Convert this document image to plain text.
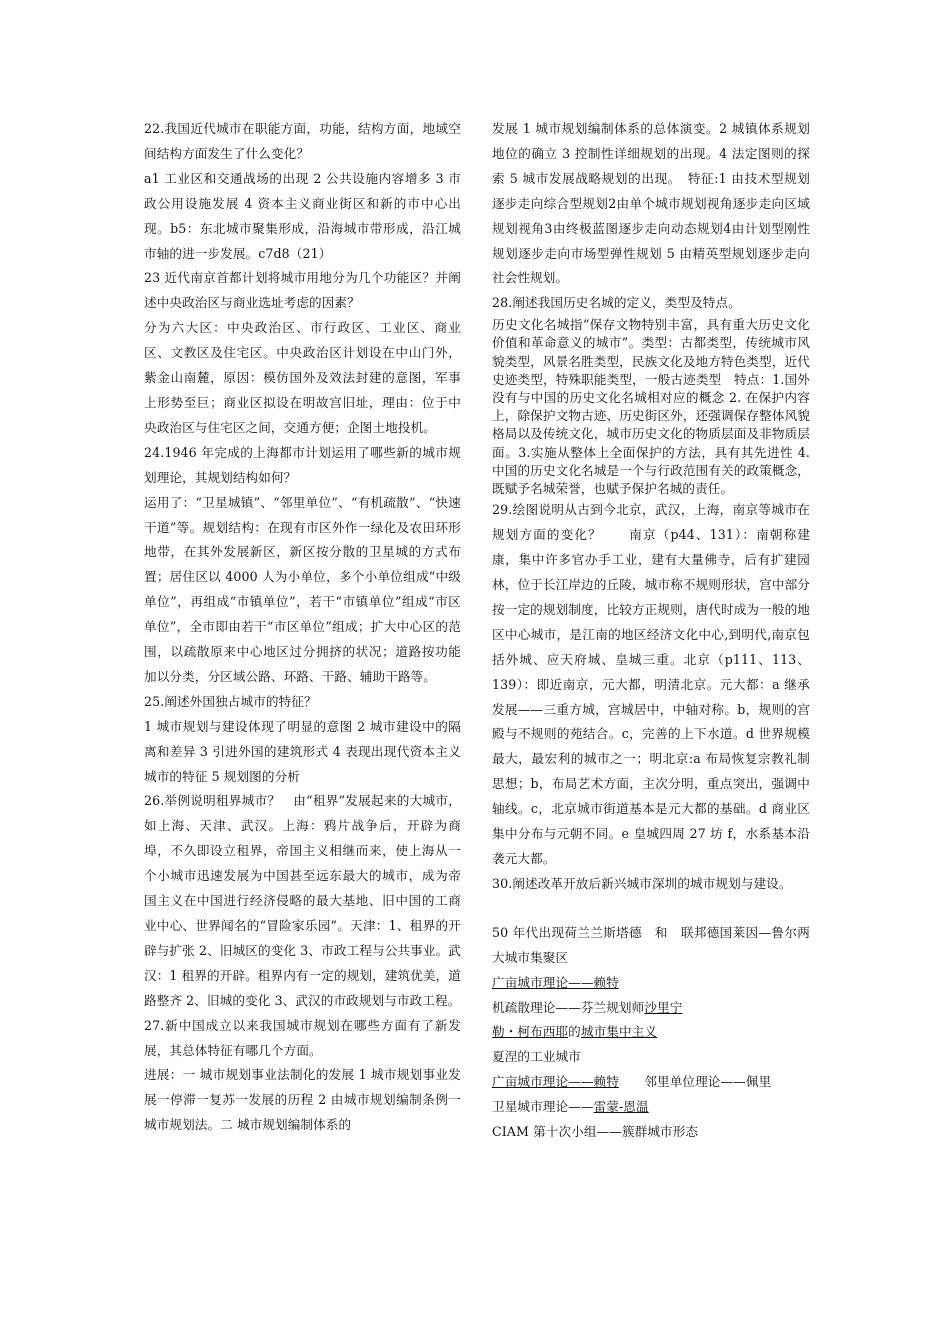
22.我国近代城市在职能方面，功能，结构方面，地域空间结构方面发生了什么变化？

a1 工业区和交通战场的出现 2 公共设施内容增多 3 市政公用设施发展 4 资本主义商业街区和新的市中心出现。b5：东北城市聚集形成，沿海城市带形成，沿江城市轴的进一步发展。c7d8（21）

23 近代南京首都计划将城市用地分为几个功能区？并阐述中央政治区与商业选址考虑的因素？

分为六大区：中央政治区、市行政区、工业区、商业区、文教区及住宅区。中央政治区计划设在中山门外，紫金山南麓，原因：模仿国外及效法封建的意图，军事上形势至巨；商业区拟设在明故宫旧址，理由：位于中央政治区与住宅区之间，交通方便；企图土地投机。

24.1946 年完成的上海都市计划运用了哪些新的城市规划理论，其规划结构如何？

运用了：“卫星城镇”、“邻里单位”、“有机疏散”、“快速干道”等。规划结构：在现有市区外作一绿化及农田环形地带，在其外发展新区，新区按分散的卫星城的方式布置；居住区以 4000 人为小单位，多个小单位组成“中级单位”，再组成“市镇单位”，若干“市镇单位”组成“市区单位”，全市即由若干“市区单位”组成；扩大中心区的范围，以疏散原来中心地区过分拥挤的状况；道路按功能加以分类，分区域公路、环路、干路、辅助干路等。

25.阐述外国独占城市的特征？

1 城市规划与建设体现了明显的意图 2 城市建设中的隔离和差异 3 引进外国的建筑形式 4 表现出现代资本主义城市的特征 5 规划图的分析

26.举例说明租界城市？　由“租界”发展起来的大城市，如上海、天津、武汉。上海：鸦片战争后，开辟为商埠，不久即设立租界，帝国主义相继而来，使上海从一个小城市迅速发展为中国甚至远东最大的城市，成为帝国主义在中国进行经济侵略的最大基地、旧中国的工商业中心、世界闻名的“冒险家乐园”。天津：1、租界的开辟与扩张 2、旧城区的变化 3、市政工程与公共事业。武汉：1 租界的开辟。租界内有一定的规划，建筑优美，道路整齐 2、旧城的变化 3、武汉的市政规划与市政工程。

27.新中国成立以来我国城市规划在哪些方面有了新发展，其总体特征有哪几个方面。

进展：一 城市规划事业法制化的发展 1 城市规划事业发展一停滞一复苏一发展的历程 2 由城市规划编制条例一城市规划法。二 城市规划编制体系的

发展 1 城市规划编制体系的总体演变。2 城镇体系规划地位的确立 3 控制性详细规划的出现。4 法定图则的探索 5 城市发展战略规划的出现。　特征:1 由技术型规划逐步走向综合型规划2由单个城市规划视角逐步走向区域规划视角3由终极蓝图逐步走向动态规划4由计划型刚性规划逐步走向市场型弹性规划 5 由精英型规划逐步走向社会性规划。

28.阐述我国历史名城的定义，类型及特点。

历史文化名城指“保存文物特别丰富，具有重大历史文化价值和革命意义的城市”。类型：古都类型，传统城市风貌类型，风景名胜类型，民族文化及地方特色类型，近代史迹类型，特殊职能类型，一般古迹类型　特点：1.国外没有与中国的历史文化名城相对应的概念 2. 在保护内容上，除保护文物古迹、历史街区外，还强调保存整体风貌格局以及传统文化，城市历史文化的物质层面及非物质层面。3.实施从整体上全面保护的方法，具有其先进性 4.中国的历史文化名城是一个与行政范围有关的政策概念，既赋予名城荣誉，也赋予保护名城的责任。

29.绘图说明从古到今北京，武汉，上海，南京等城市在规划方面的变化？　　南京（p44、131）：南朝称建康，集中许多官办手工业，建有大量佛寺，后有扩建园林，位于长江岸边的丘陵，城市称不规则形状，宫中部分按一定的规划制度，比较方正规则，唐代时成为一般的地区中心城市，是江南的地区经济文化中心,到明代,南京包括外城、应天府城、皇城三重。北京（p111、113、139）：即近南京，元大都，明清北京。元大都：a 继承发展——三重方城，宫城居中，中轴对称。b，规则的宫殿与不规则的苑结合。c，完善的上下水道。d 世界规模最大，最宏利的城市之一；明北京:a 布局恢复宗教礼制思想；b，布局艺术方面，主次分明，重点突出，强调中轴线。c，北京城市街道基本是元大都的基础。d 商业区集中分布与元朝不同。e 皇城四周 27 坊 f，水系基本沿袭元大都。

30.阐述改革开放后新兴城市深圳的城市规划与建设。

50 年代出现荷兰兰斯塔德　和　联邦德国莱因—鲁尔两大城市集聚区

广亩城市理论——赖特

机疏散理论——芬兰规划师沙里宁

勒・柯布西耶的城市集中主义

夏涅的工业城市

广亩城市理论——赖特　　邻里单位理论——佩里

卫星城市理论——雷蒙-恩温

CIAM 第十次小组——簇群城市形态
